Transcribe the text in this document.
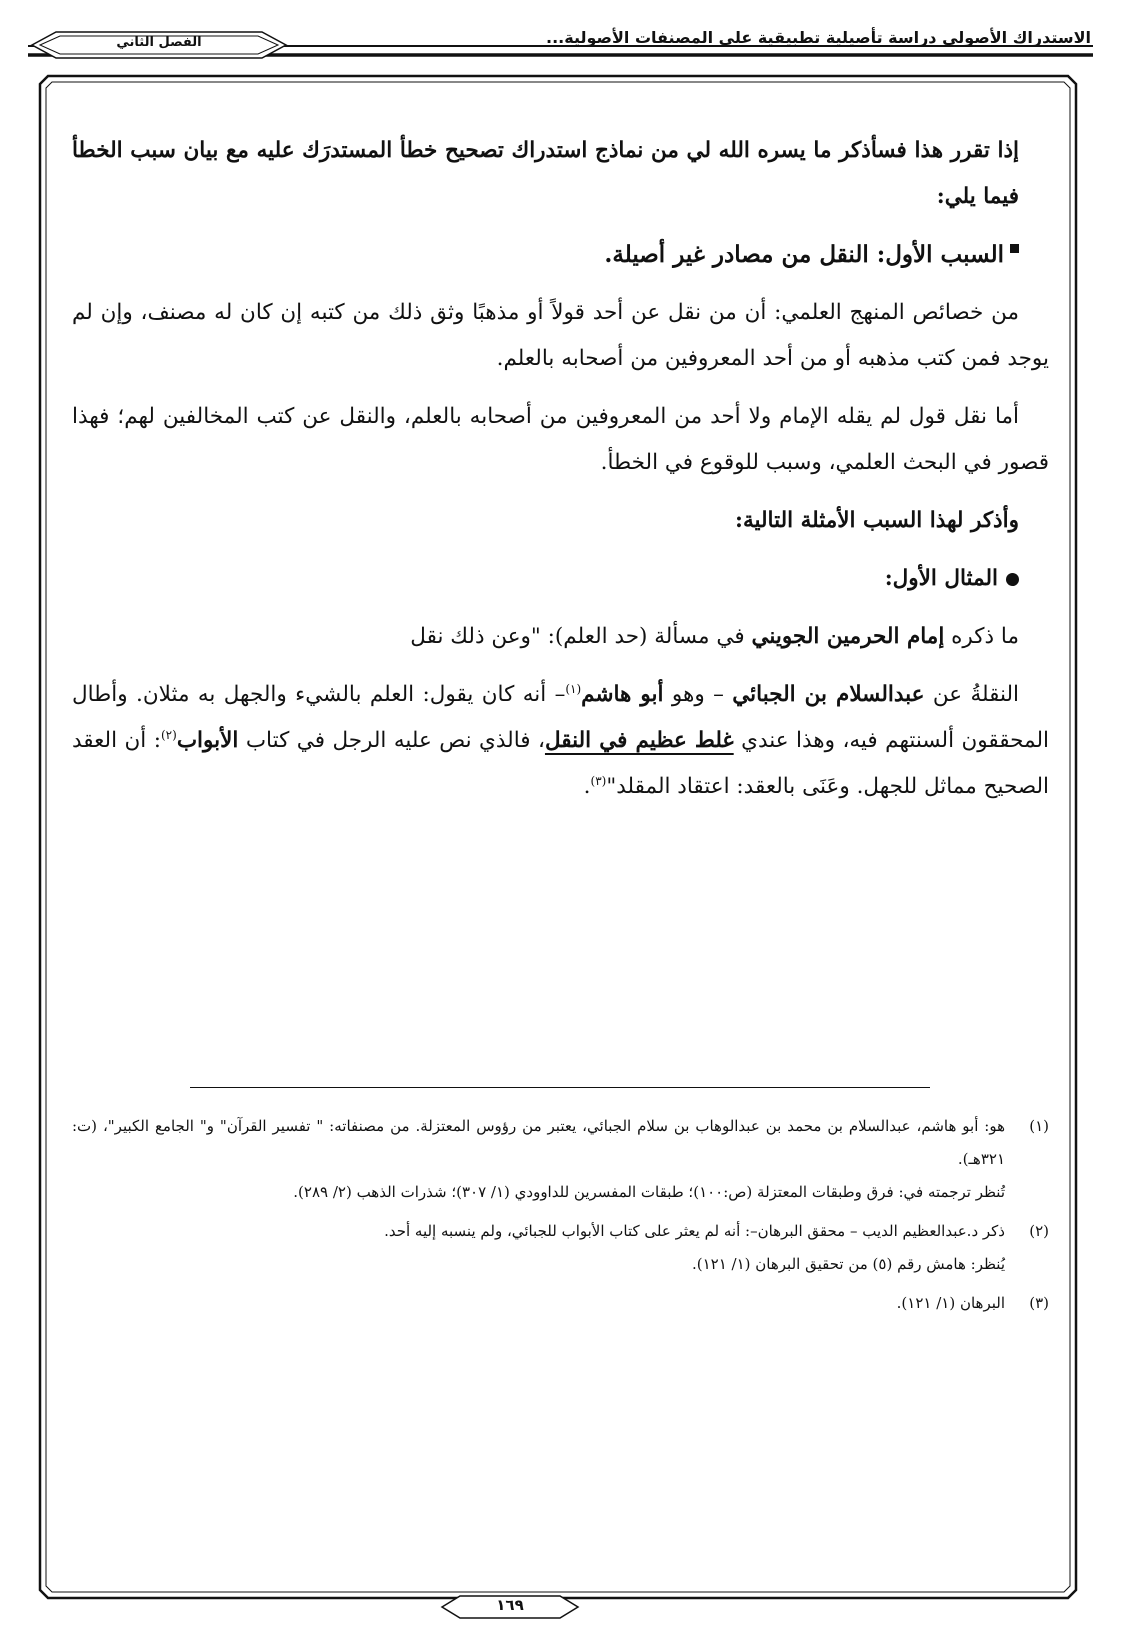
الاستدراك الأصولي دراسة تأصيلية تطبيقية على المصنفات الأصولية...
الفصل الثاني

إذا تقرر هذا فسأذكر ما يسره الله لي من نماذج استدراك تصحيح خطأ المستدرَك عليه مع بيان سبب الخطأ فيما يلي:

السبب الأول: النقل من مصادر غير أصيلة.

من خصائص المنهج العلمي: أن من نقل عن أحد قولاً أو مذهبًا وثق ذلك من كتبه إن كان له مصنف، وإن لم يوجد فمن كتب مذهبه أو من أحد المعروفين من أصحابه بالعلم.

أما نقل قول لم يقله الإمام ولا أحد من المعروفين من أصحابه بالعلم، والنقل عن كتب المخالفين لهم؛ فهذا قصور في البحث العلمي، وسبب للوقوع في الخطأ.

وأذكر لهذا السبب الأمثلة التالية:

المثال الأول:

ما ذكره إمام الحرمين الجويني في مسألة (حد العلم): "وعن ذلك نقل

النقلةُ عن عبدالسلام بن الجبائي – وهو أبو هاشم$^{(١)}$– أنه كان يقول: العلم بالشيء والجهل به مثلان. وأطال المحققون ألسنتهم فيه، وهذا عندي غلط عظيم في النقل، فالذي نص عليه الرجل في كتاب الأبواب$^{(٢)}$: أن العقد الصحيح مماثل للجهل. وعَنَى بالعقد: اعتقاد المقلد"$^{(٣)}$.

(١)
هو: أبو هاشم، عبدالسلام بن محمد بن عبدالوهاب بن سلام الجبائي، يعتبر من رؤوس المعتزلة. من مصنفاته: " تفسير القرآن" و" الجامع الكبير"، (ت: ٣٢١هـ).
تُنظر ترجمته في: فرق وطبقات المعتزلة (ص:١٠٠)؛ طبقات المفسرين للداوودي (١/ ٣٠٧)؛ شذرات الذهب (٢/ ٢٨٩).
(٢)
ذكر د.عبدالعظيم الديب – محقق البرهان–: أنه لم يعثر على كتاب الأبواب للجبائي، ولم ينسبه إليه أحد.
يُنظر: هامش رقم (٥) من تحقيق البرهان (١/ ١٢١).
(٣)
البرهان (١/ ١٢١).
١٦٩
